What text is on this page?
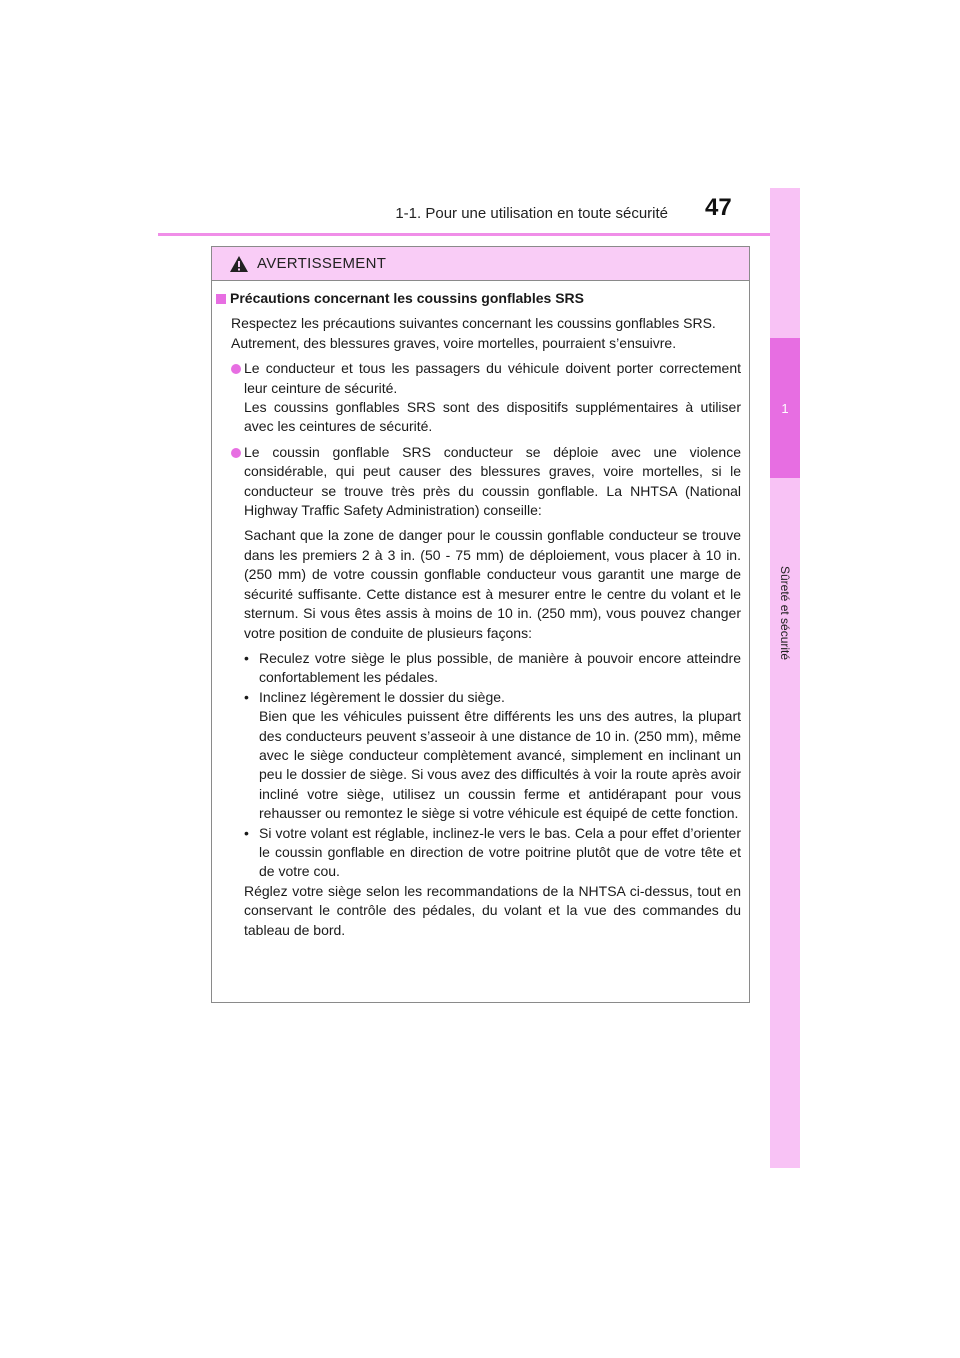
1-1. Pour une utilisation en toute sécurité 47
1
Sûreté et sécurité
AVERTISSEMENT
Précautions concernant les coussins gonflables SRS
Respectez les précautions suivantes concernant les coussins gonflables SRS.
Autrement, des blessures graves, voire mortelles, pourraient s’ensuivre.
Le conducteur et tous les passagers du véhicule doivent porter correctement leur ceinture de sécurité.
Les coussins gonflables SRS sont des dispositifs supplémentaires à utiliser avec les ceintures de sécurité.
Le coussin gonflable SRS conducteur se déploie avec une violence considérable, qui peut causer des blessures graves, voire mortelles, si le conducteur se trouve très près du coussin gonflable. La NHTSA (National Highway Traffic Safety Administration) conseille:
Sachant que la zone de danger pour le coussin gonflable conducteur se trouve dans les premiers 2 à 3 in. (50 - 75 mm) de déploiement, vous placer à 10 in. (250 mm) de votre coussin gonflable conducteur vous garantit une marge de sécurité suffisante. Cette distance est à mesurer entre le centre du volant et le sternum. Si vous êtes assis à moins de 10 in. (250 mm), vous pouvez changer votre position de conduite de plusieurs façons:
• Reculez votre siège le plus possible, de manière à pouvoir encore atteindre confortablement les pédales.
• Inclinez légèrement le dossier du siège.
Bien que les véhicules puissent être différents les uns des autres, la plupart des conducteurs peuvent s’asseoir à une distance de 10 in. (250 mm), même avec le siège conducteur complètement avancé, simplement en inclinant un peu le dossier de siège. Si vous avez des difficultés à voir la route après avoir incliné votre siège, utilisez un coussin ferme et antidérapant pour vous rehausser ou remontez le siège si votre véhicule est équipé de cette fonction.
• Si votre volant est réglable, inclinez-le vers le bas. Cela a pour effet d’orienter le coussin gonflable en direction de votre poitrine plutôt que de votre tête et de votre cou.
Réglez votre siège selon les recommandations de la NHTSA ci-dessus, tout en conservant le contrôle des pédales, du volant et la vue des commandes du tableau de bord.
